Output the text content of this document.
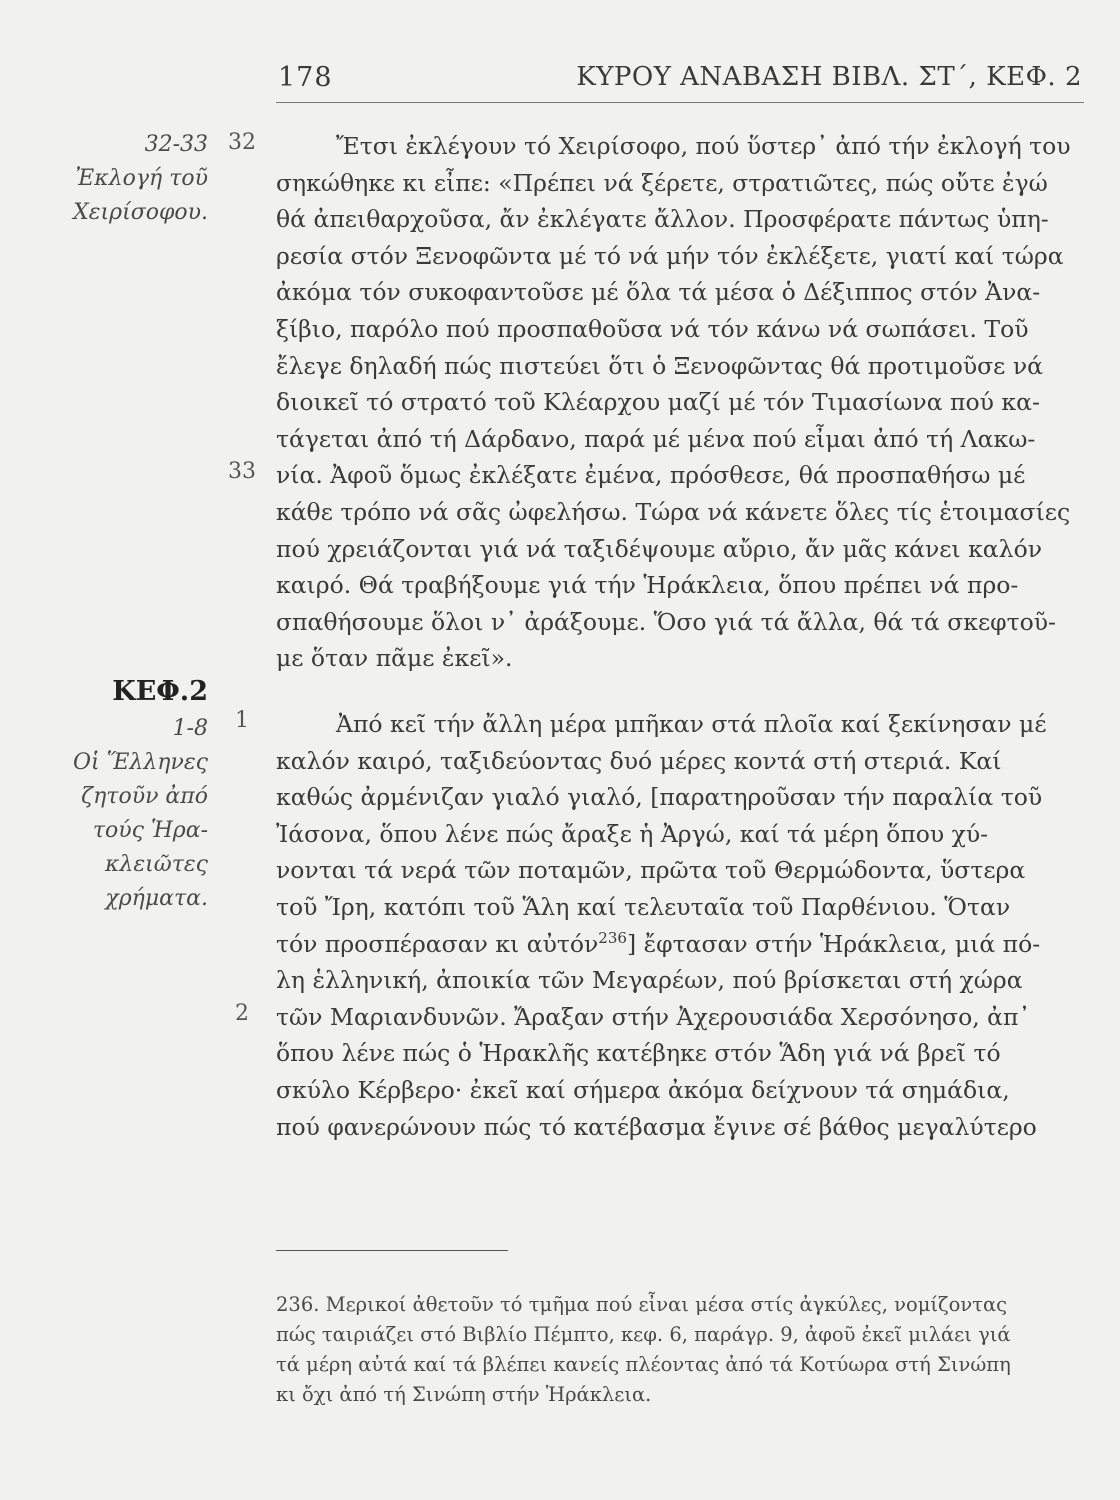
178	ΚΥΡΟΥ ΑΝΑΒΑΣΗ ΒΙΒΛ. ΣΤ΄, ΚΕΦ. 2
32-33
Ἐκλογή τοῦ
Χειρίσοφου.
ΚΕΦ.2
1-8
Οἱ Ἕλληνες
ζητοῦν ἀπό
τούς Ἡρα-
κλειῶτες
χρήματα.
32
33
1
2
Ἔτσι ἐκλέγουν τό Χειρίσοφο, πού ὕστερ᾽ ἀπό τήν ἐκλογή του
σηκώθηκε κι εἶπε: «Πρέπει νά ξέρετε, στρατιῶτες, πώς οὔτε ἐγώ
θά ἀπειθαρχοῦσα, ἄν ἐκλέγατε ἄλλον. Προσφέρατε πάντως ὑπη-
ρεσία στόν Ξενοφῶντα μέ τό νά μήν τόν ἐκλέξετε, γιατί καί τώρα
ἀκόμα τόν συκοφαντοῦσε μέ ὅλα τά μέσα ὁ Δέξιππος στόν Ἀνα-
ξίβιο, παρόλο πού προσπαθοῦσα νά τόν κάνω νά σωπάσει. Τοῦ
ἔλεγε δηλαδή πώς πιστεύει ὅτι ὁ Ξενοφῶντας θά προτιμοῦσε νά
διοικεῖ τό στρατό τοῦ Κλέαρχου μαζί μέ τόν Τιμασίωνα πού κα-
τάγεται ἀπό τή Δάρδανο, παρά μέ μένα πού εἶμαι ἀπό τή Λακω-
νία. Ἀφοῦ ὅμως ἐκλέξατε ἐμένα, πρόσθεσε, θά προσπαθήσω μέ
κάθε τρόπο νά σᾶς ὠφελήσω. Τώρα νά κάνετε ὅλες τίς ἑτοιμασίες
πού χρειάζονται γιά νά ταξιδέψουμε αὔριο, ἄν μᾶς κάνει καλόν
καιρό. Θά τραβήξουμε γιά τήν Ἡράκλεια, ὅπου πρέπει νά προ-
σπαθήσουμε ὅλοι ν᾽ ἀράξουμε. Ὅσο γιά τά ἄλλα, θά τά σκεφτοῦ-
με ὅταν πᾶμε ἐκεῖ».
Ἀπό κεῖ τήν ἄλλη μέρα μπῆκαν στά πλοῖα καί ξεκίνησαν μέ
καλόν καιρό, ταξιδεύοντας δυό μέρες κοντά στή στεριά. Καί
καθώς ἀρμένιζαν γιαλό γιαλό, [παρατηροῦσαν τήν παραλία τοῦ
Ἰάσονα, ὅπου λένε πώς ἄραξε ἡ Ἀργώ, καί τά μέρη ὅπου χύ-
νονται τά νερά τῶν ποταμῶν, πρῶτα τοῦ Θερμώδοντα, ὕστερα
τοῦ Ἴρη, κατόπι τοῦ Ἅλη καί τελευταῖα τοῦ Παρθένιου. Ὅταν
τόν προσπέρασαν κι αὐτόν$^{236}$] ἔφτασαν στήν Ἡράκλεια, μιά πό-
λη ἑλληνική, ἀποικία τῶν Μεγαρέων, πού βρίσκεται στή χώρα
τῶν Μαριανδυνῶν. Ἄραξαν στήν Ἀχερουσιάδα Χερσόνησο, ἀπ᾽
ὅπου λένε πώς ὁ Ἡρακλῆς κατέβηκε στόν Ἅδη γιά νά βρεῖ τό
σκύλο Κέρβερο· ἐκεῖ καί σήμερα ἀκόμα δείχνουν τά σημάδια,
πού φανερώνουν πώς τό κατέβασμα ἔγινε σέ βάθος μεγαλύτερο
236. Μερικοί ἀθετοῦν τό τμῆμα πού εἶναι μέσα στίς ἀγκύλες, νομίζοντας
πώς ταιριάζει στό Βιβλίο Πέμπτο, κεφ. 6, παράγρ. 9, ἀφοῦ ἐκεῖ μιλάει γιά
τά μέρη αὐτά καί τά βλέπει κανείς πλέοντας ἀπό τά Κοτύωρα στή Σινώπη
κι ὄχι ἀπό τή Σινώπη στήν Ἡράκλεια.
